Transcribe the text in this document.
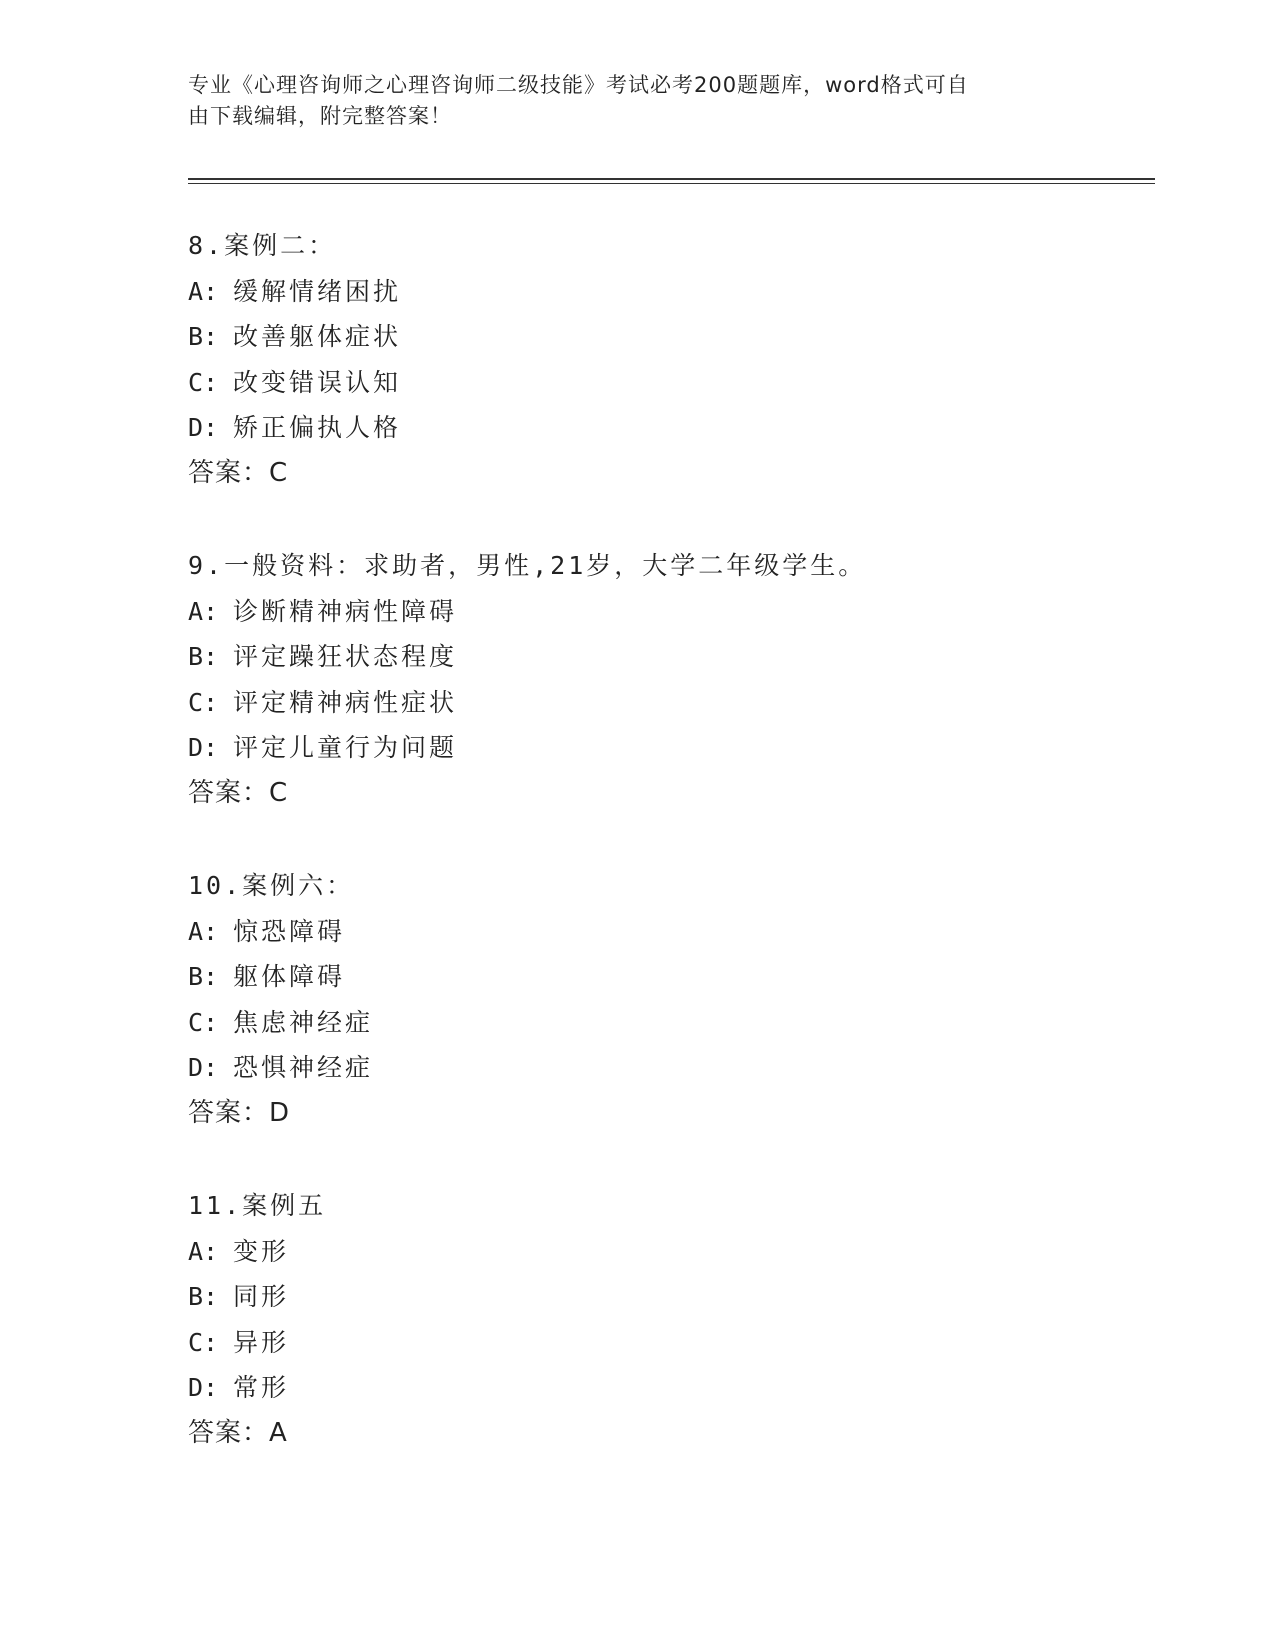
专业《心理咨询师之心理咨询师二级技能》考试必考200题题库，word格式可自
由下载编辑，附完整答案！
8.案例二：
A: 缓解情绪困扰
B: 改善躯体症状
C: 改变错误认知
D: 矫正偏执人格
答案：C
9.一般资料：求助者，男性,21岁，大学二年级学生。
A: 诊断精神病性障碍
B: 评定躁狂状态程度
C: 评定精神病性症状
D: 评定儿童行为问题
答案：C
10.案例六：
A: 惊恐障碍
B: 躯体障碍
C: 焦虑神经症
D: 恐惧神经症
答案：D
11.案例五
A: 变形
B: 同形
C: 异形
D: 常形
答案：A
